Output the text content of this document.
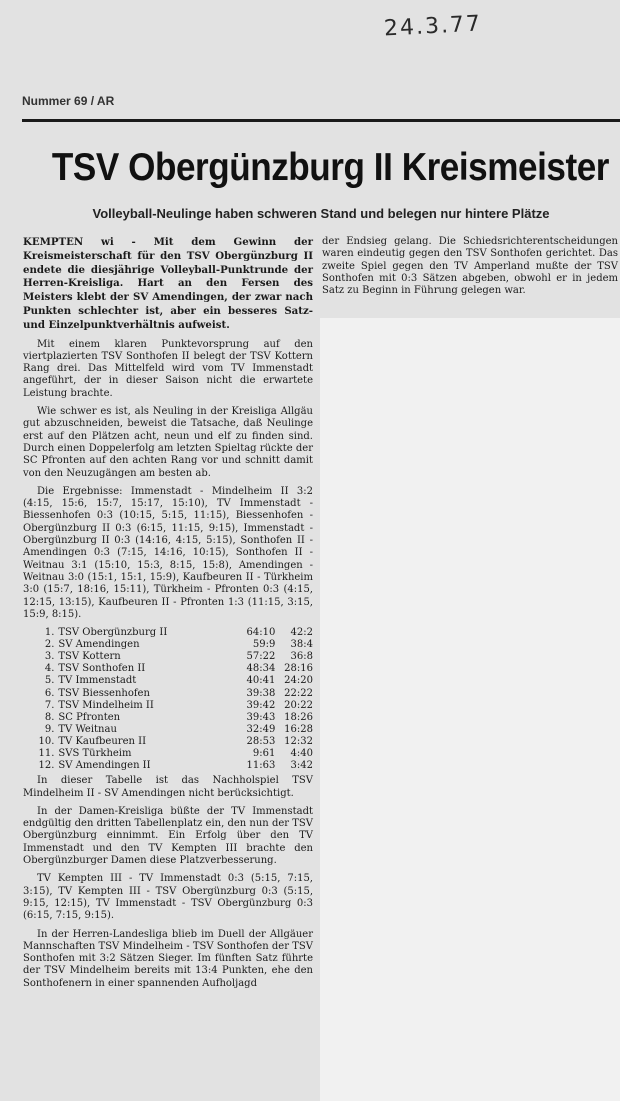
24.3.77
Nummer 69 / AR
TSV Obergünzburg II Kreismeister
Volleyball-Neulinge haben schweren Stand und belegen nur hintere Plätze

KEMPTEN wi - Mit dem Gewinn der Kreismeisterschaft für den TSV Obergünzburg II endete die diesjährige Volleyball-Punktrunde der Herren-Kreisliga. Hart an den Fersen des Meisters klebt der SV Amendingen, der zwar nach Punkten schlechter ist, aber ein besseres Satz- und Einzelpunktverhältnis aufweist.

Mit einem klaren Punktevorsprung auf den viertplazierten TSV Sonthofen II belegt der TSV Kottern Rang drei. Das Mittelfeld wird vom TV Immenstadt angeführt, der in dieser Saison nicht die erwartete Leistung brachte.

Wie schwer es ist, als Neuling in der Kreisliga Allgäu gut abzuschneiden, beweist die Tatsache, daß Neulinge erst auf den Plätzen acht, neun und elf zu finden sind. Durch einen Doppelerfolg am letzten Spieltag rückte der SC Pfronten auf den achten Rang vor und schnitt damit von den Neuzugängen am besten ab.

Die Ergebnisse: Immenstadt - Mindelheim II 3:2 (4:15, 15:6, 15:7, 15:17, 15:10), TV Immenstadt - Biessenhofen 0:3 (10:15, 5:15, 11:15), Biessenhofen - Obergünzburg II 0:3 (6:15, 11:15, 9:15), Immenstadt - Obergünzburg II 0:3 (14:16, 4:15, 5:15), Sonthofen II - Amendingen 0:3 (7:15, 14:16, 10:15), Sonthofen II - Weitnau 3:1 (15:10, 15:3, 8:15, 15:8), Amendingen - Weitnau 3:0 (15:1, 15:1, 15:9), Kaufbeuren II - Türkheim 3:0 (15:7, 18:16, 15:11), Türkheim - Pfronten 0:3 (4:15, 12:15, 13:15), Kaufbeuren II - Pfronten 1:3 (11:15, 3:15, 15:9, 8:15).

1.	TSV Obergünzburg II	64:10	42:2
2.	SV Amendingen	59:9	38:4
3.	TSV Kottern	57:22	36:8
4.	TSV Sonthofen II	48:34	28:16
5.	TV Immenstadt	40:41	24:20
6.	TSV Biessenhofen	39:38	22:22
7.	TSV Mindelheim II	39:42	20:22
8.	SC Pfronten	39:43	18:26
9.	TV Weitnau	32:49	16:28
10.	TV Kaufbeuren II	28:53	12:32
11.	SVS Türkheim	9:61	4:40
12.	SV Amendingen II	11:63	3:42

In dieser Tabelle ist das Nachholspiel TSV Mindelheim II - SV Amendingen nicht berücksichtigt.

In der Damen-Kreisliga büßte der TV Immenstadt endgültig den dritten Tabellenplatz ein, den nun der TSV Obergünzburg einnimmt. Ein Erfolg über den TV Immenstadt und den TV Kempten III brachte den Obergünzburger Damen diese Platzverbesserung.

TV Kempten III - TV Immenstadt 0:3 (5:15, 7:15, 3:15), TV Kempten III - TSV Obergünzburg 0:3 (5:15, 9:15, 12:15), TV Immenstadt - TSV Obergünzburg 0:3 (6:15, 7:15, 9:15).

In der Herren-Landesliga blieb im Duell der Allgäuer Mannschaften TSV Mindelheim - TSV Sonthofen der TSV Sonthofen mit 3:2 Sätzen Sieger. Im fünften Satz führte der TSV Mindelheim bereits mit 13:4 Punkten, ehe den Sonthofenern in einer spannenden Aufholjagd

der Endsieg gelang. Die Schiedsrichterentscheidungen waren eindeutig gegen den TSV Sonthofen gerichtet. Das zweite Spiel gegen den TV Amperland mußte der TSV Sonthofen mit 0:3 Sätzen abgeben, obwohl er in jedem Satz zu Beginn in Führung gelegen war.
